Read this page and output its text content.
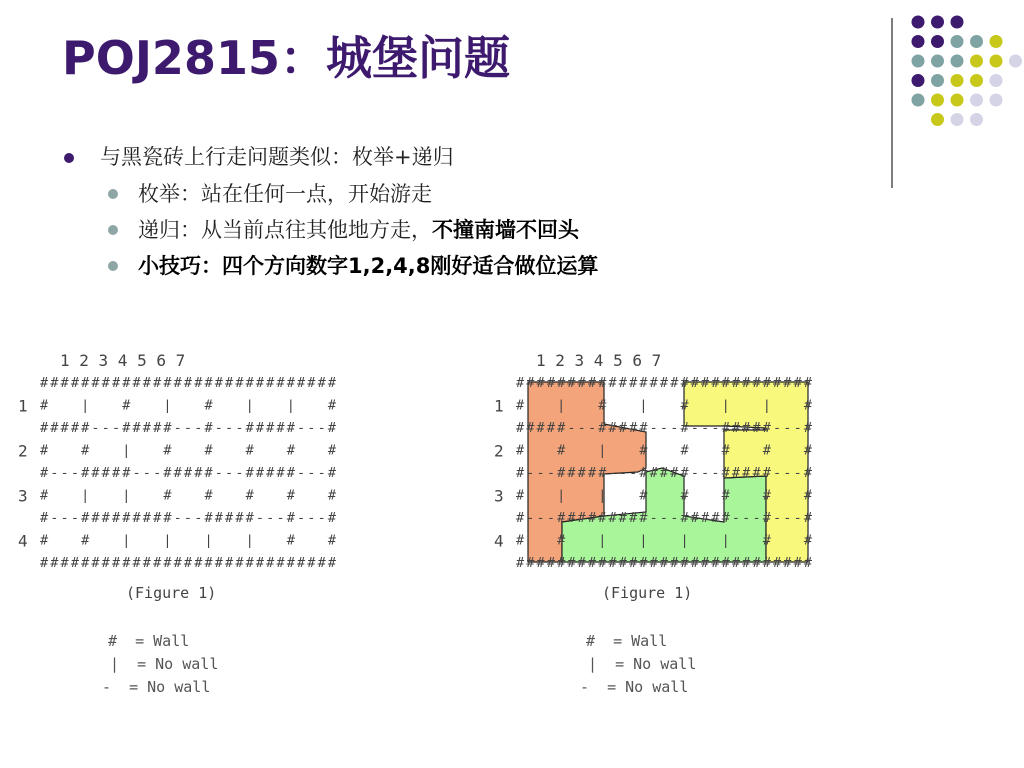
POJ2815：城堡问题
与黑瓷砖上行走问题类似：枚举+递归
枚举：站在任何一点，开始游走
递归：从当前点往其他地方走，不撞南墙不回头
小技巧：四个方向数字1,2,4,8刚好适合做位运算
1 2 3 4 5 6 7
#############################
1 # | # | # | | #
#####---#####---#---#####---#
2 # # | # # # # #
#---#####---#####---#####---#
3 # | | # # # # #
#---#########---#####---#---#
4 # # | | | | # #
#############################
(Figure 1)
1 2 3 4 5 6 7
#############################
1 # | # | # | | #
#####---#####---#---#####---#
2 # # | # # # # #
#---#####---#####---#####---#
3 # | | # # # # #
#---#########---#####---#---#
4 # # | | | | # #
#############################
(Figure 1)
#  = Wall
|  = No wall
-  = No wall
#  = Wall
|  = No wall
-  = No wall
